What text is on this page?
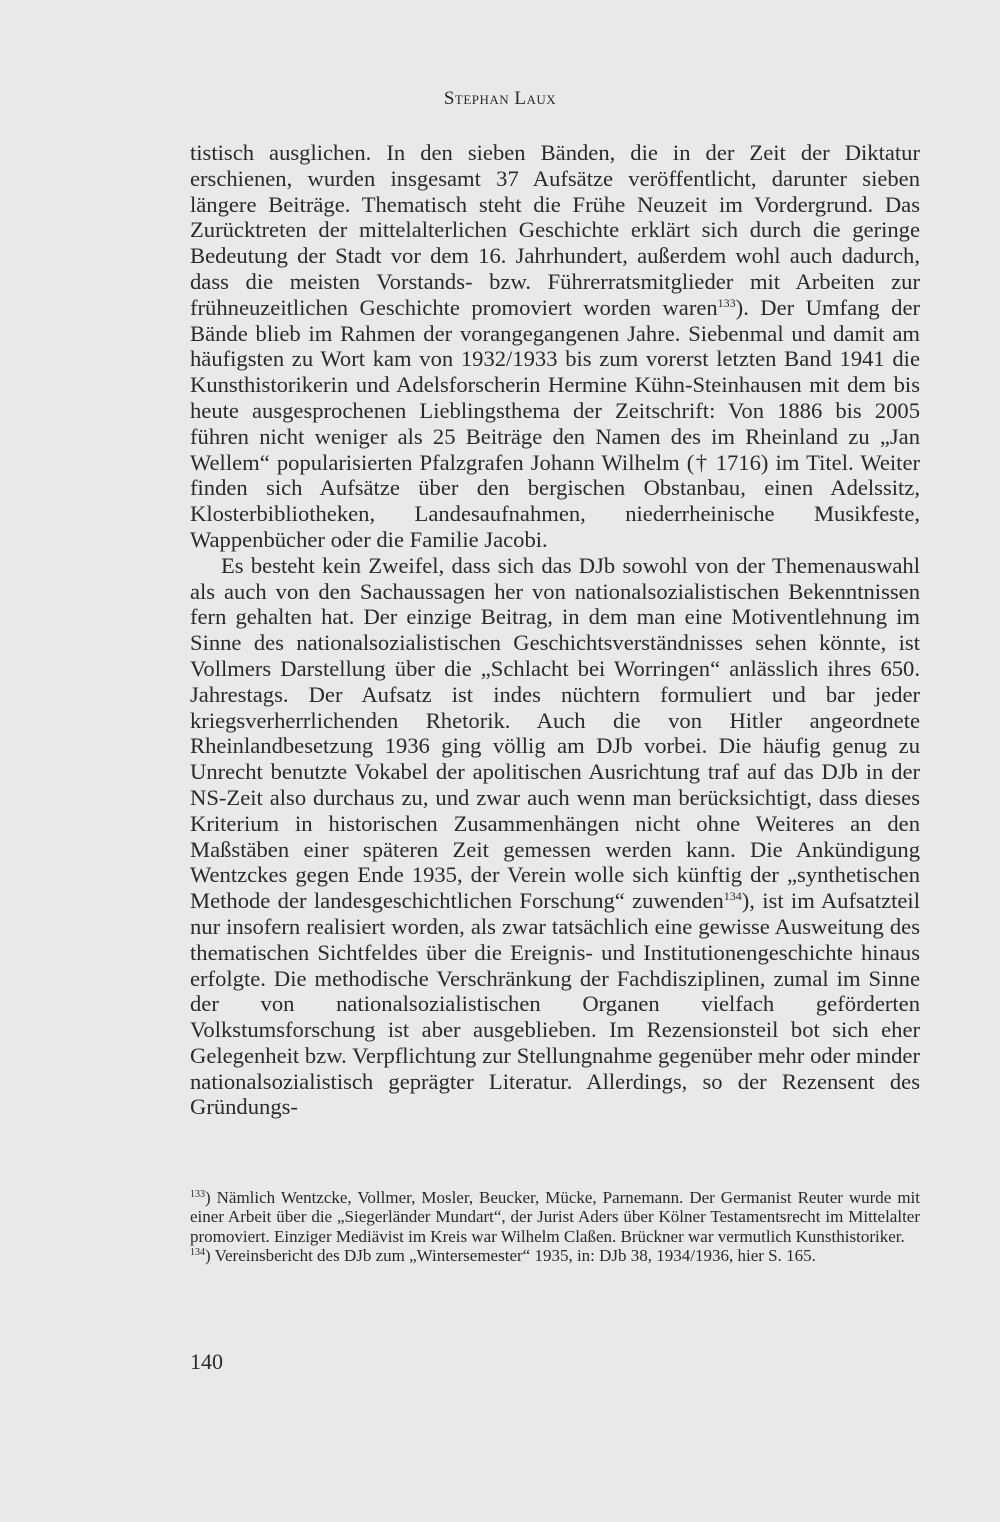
Stephan Laux

tistisch ausglichen. In den sieben Bänden, die in der Zeit der Diktatur erschienen, wurden insgesamt 37 Aufsätze veröffentlicht, darunter sieben längere Beiträge. Thematisch steht die Frühe Neuzeit im Vordergrund. Das Zurücktreten der mittelalterlichen Geschichte erklärt sich durch die geringe Bedeutung der Stadt vor dem 16. Jahrhundert, außerdem wohl auch dadurch, dass die meisten Vorstands- bzw. Führerratsmitglieder mit Arbeiten zur frühneuzeitlichen Geschichte promoviert worden waren$^{133}$). Der Umfang der Bände blieb im Rahmen der vorangegangenen Jahre. Siebenmal und damit am häufigsten zu Wort kam von 1932/1933 bis zum vorerst letzten Band 1941 die Kunsthistorikerin und Adelsforscherin Hermine Kühn-Steinhausen mit dem bis heute ausgesprochenen Lieblingsthema der Zeitschrift: Von 1886 bis 2005 führen nicht weniger als 25 Beiträge den Namen des im Rheinland zu „Jan Wellem“ popularisierten Pfalzgrafen Johann Wilhelm († 1716) im Titel. Weiter finden sich Aufsätze über den bergischen Obstanbau, einen Adelssitz, Klosterbibliotheken, Landesaufnahmen, niederrheinische Musikfeste, Wappenbücher oder die Familie Jacobi.

Es besteht kein Zweifel, dass sich das DJb sowohl von der Themenauswahl als auch von den Sachaussagen her von nationalsozialistischen Bekenntnissen fern gehalten hat. Der einzige Beitrag, in dem man eine Motiventlehnung im Sinne des nationalsozialistischen Geschichtsverständnisses sehen könnte, ist Vollmers Darstellung über die „Schlacht bei Worringen“ anlässlich ihres 650. Jahrestags. Der Aufsatz ist indes nüchtern formuliert und bar jeder kriegsverherrlichenden Rhetorik. Auch die von Hitler angeordnete Rheinlandbesetzung 1936 ging völlig am DJb vorbei. Die häufig genug zu Unrecht benutzte Vokabel der apolitischen Ausrichtung traf auf das DJb in der NS-Zeit also durchaus zu, und zwar auch wenn man berücksichtigt, dass dieses Kriterium in historischen Zusammenhängen nicht ohne Weiteres an den Maßstäben einer späteren Zeit gemessen werden kann. Die Ankündigung Wentzckes gegen Ende 1935, der Verein wolle sich künftig der „synthetischen Methode der landesgeschichtlichen Forschung“ zuwenden$^{134}$), ist im Aufsatzteil nur insofern realisiert worden, als zwar tatsächlich eine gewisse Ausweitung des thematischen Sichtfeldes über die Ereignis- und Institutionengeschichte hinaus erfolgte. Die methodische Verschränkung der Fachdisziplinen, zumal im Sinne der von nationalsozialistischen Organen vielfach geförderten Volkstumsforschung ist aber ausgeblieben. Im Rezensionsteil bot sich eher Gelegenheit bzw. Verpflichtung zur Stellungnahme gegenüber mehr oder minder nationalsozialistisch geprägter Literatur. Allerdings, so der Rezensent des Gründungs-

$^{133}$) Nämlich Wentzcke, Vollmer, Mosler, Beucker, Mücke, Parnemann. Der Germanist Reuter wurde mit einer Arbeit über die „Siegerländer Mundart“, der Jurist Aders über Kölner Testamentsrecht im Mittelalter promoviert. Einziger Mediävist im Kreis war Wilhelm Claßen. Brückner war vermutlich Kunsthistoriker.

$^{134}$) Vereinsbericht des DJb zum „Wintersemester“ 1935, in: DJb 38, 1934/1936, hier S. 165.

140
